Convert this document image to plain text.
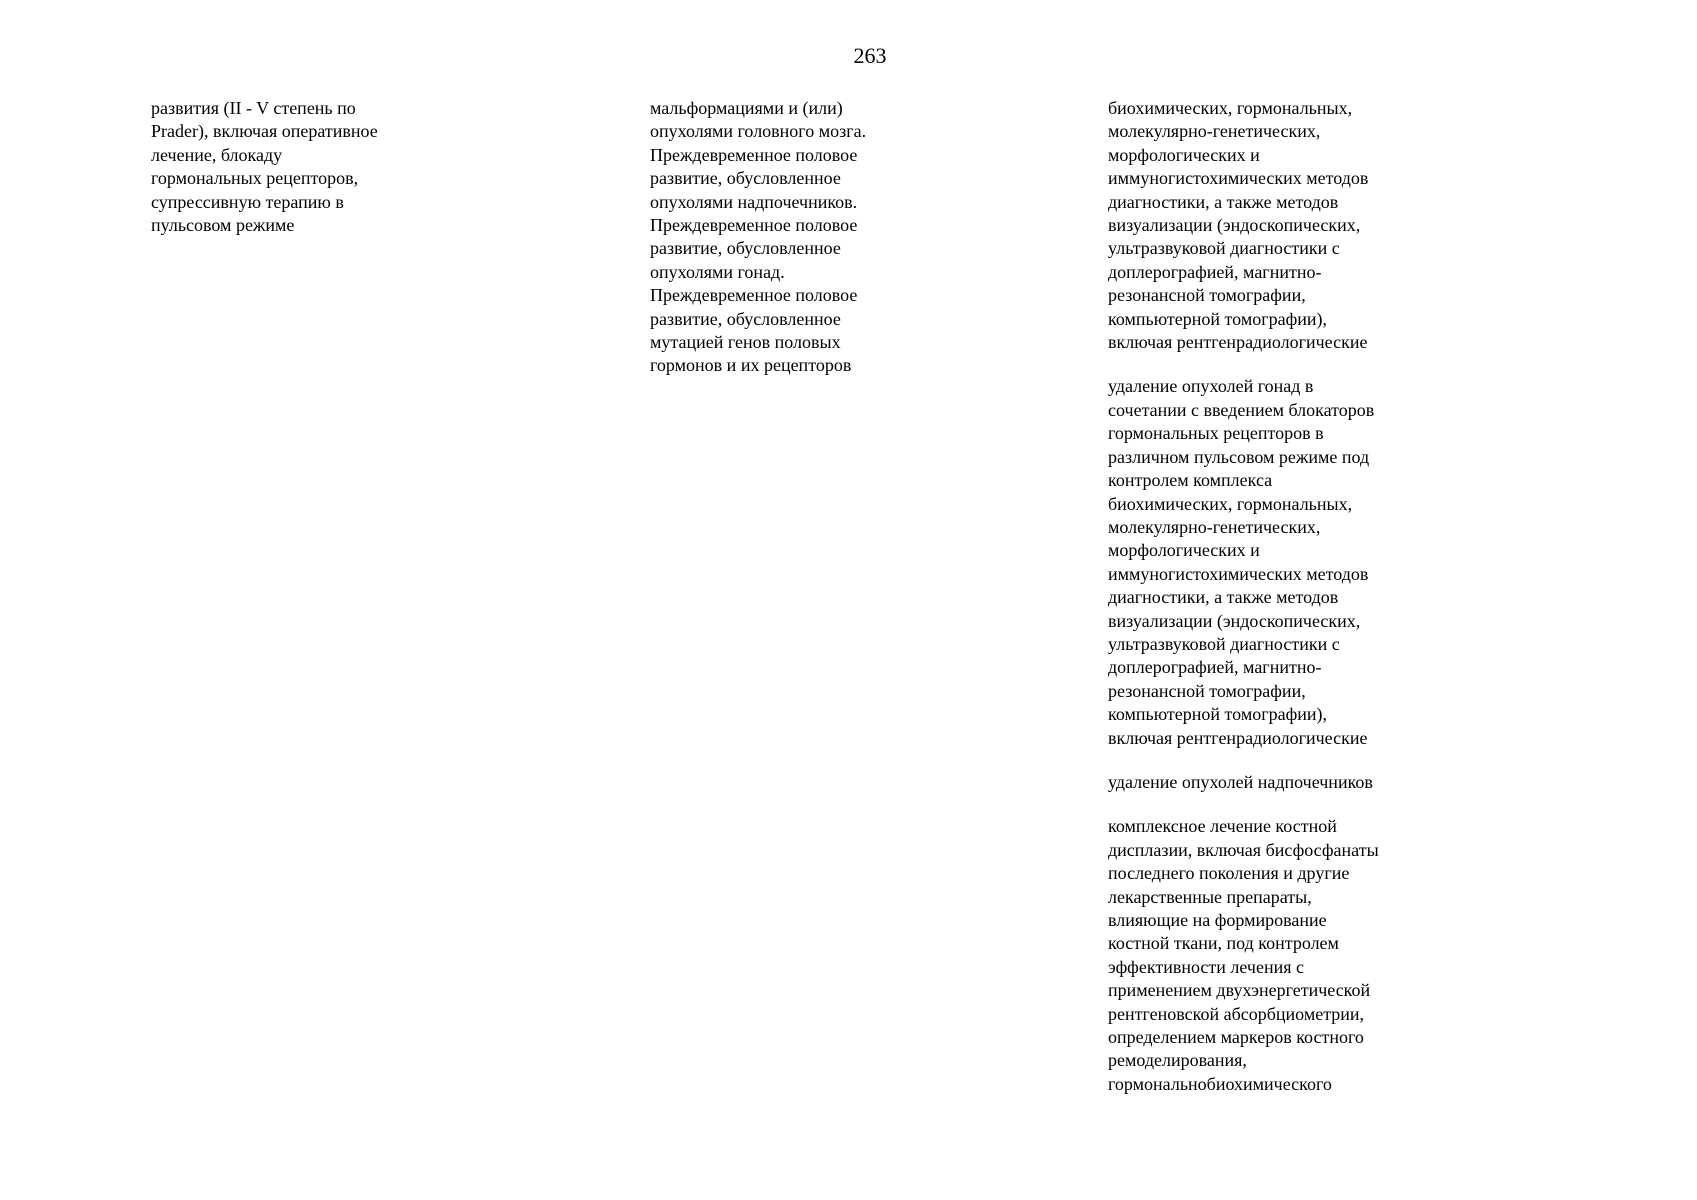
263
развития (II - V степень по
Prader), включая оперативное
лечение, блокаду
гормональных рецепторов,
супрессивную терапию в
пульсовом режиме
мальформациями и (или)
опухолями головного мозга.
Преждевременное половое
развитие, обусловленное
опухолями надпочечников.
Преждевременное половое
развитие, обусловленное
опухолями гонад.
Преждевременное половое
развитие, обусловленное
мутацией генов половых
гормонов и их рецепторов
биохимических, гормональных,
молекулярно-генетических,
морфологических и
иммуногистохимических методов
диагностики, а также методов
визуализации (эндоскопических,
ультразвуковой диагностики с
доплерографией, магнитно-
резонансной томографии,
компьютерной томографии),
включая рентгенрадиологические
удаление опухолей гонад в
сочетании с введением блокаторов
гормональных рецепторов в
различном пульсовом режиме под
контролем комплекса
биохимических, гормональных,
молекулярно-генетических,
морфологических и
иммуногистохимических методов
диагностики, а также методов
визуализации (эндоскопических,
ультразвуковой диагностики с
доплерографией, магнитно-
резонансной томографии,
компьютерной томографии),
включая рентгенрадиологические
удаление опухолей надпочечников
комплексное лечение костной
дисплазии, включая бисфосфанаты
последнего поколения и другие
лекарственные препараты,
влияющие на формирование
костной ткани, под контролем
эффективности лечения с
применением двухэнергетической
рентгеновской абсорбциометрии,
определением маркеров костного
ремоделирования,
гормональнобиохимического
